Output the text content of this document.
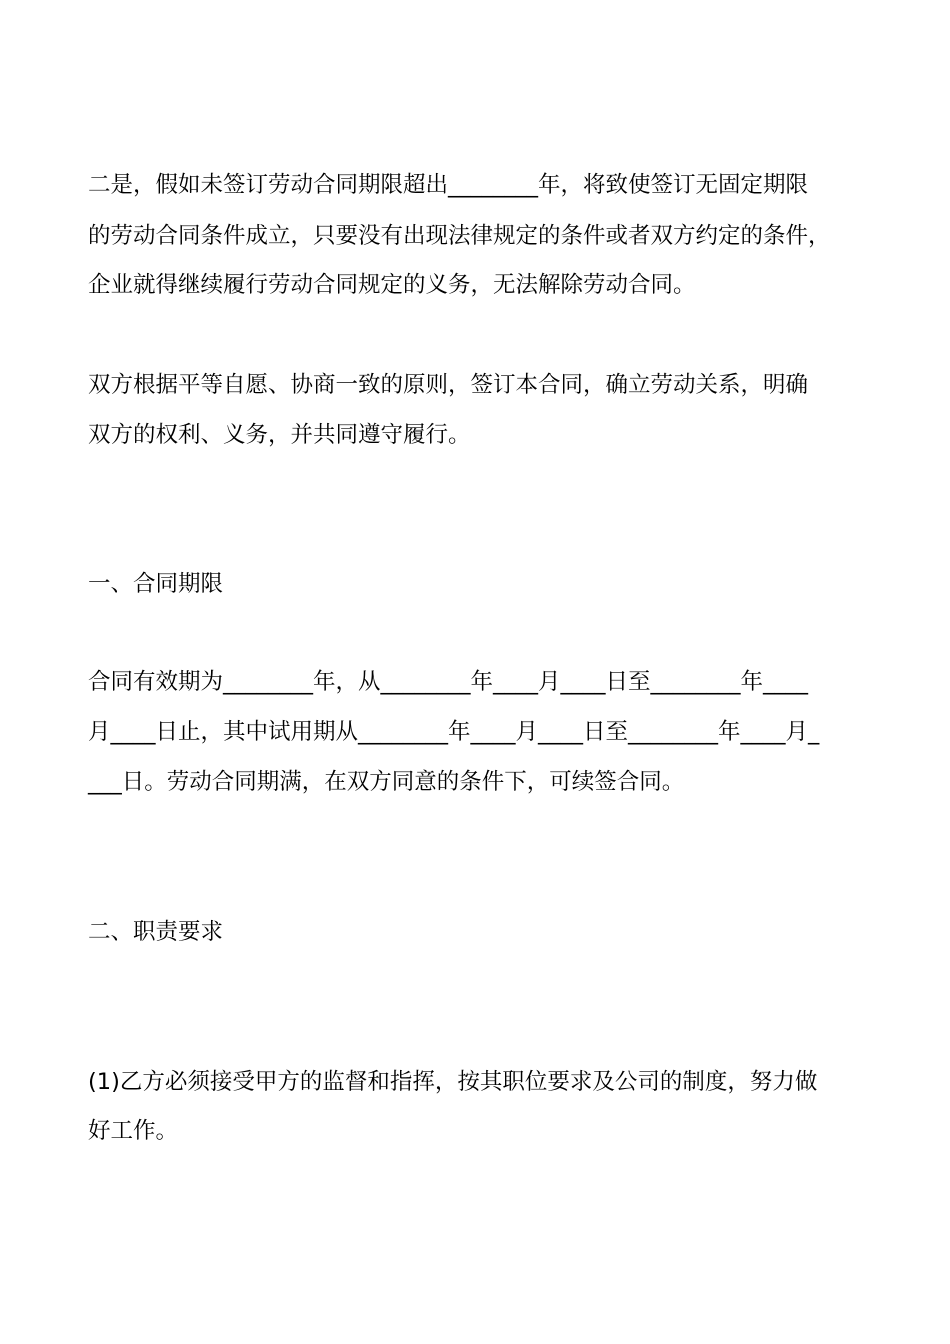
二是，假如未签订劳动合同期限超出________年，将致使签订无固定期限
的劳动合同条件成立，只要没有出现法律规定的条件或者双方约定的条件，
企业就得继续履行劳动合同规定的义务，无法解除劳动合同。
双方根据平等自愿、协商一致的原则，签订本合同，确立劳动关系，明确
双方的权利、义务，并共同遵守履行。
一、合同期限
合同有效期为________年，从________年____月____日至________年____
月____日止，其中试用期从________年____月____日至________年____月_
___日。劳动合同期满，在双方同意的条件下，可续签合同。
二、职责要求
(1)乙方必须接受甲方的监督和指挥，按其职位要求及公司的制度，努力做
好工作。
